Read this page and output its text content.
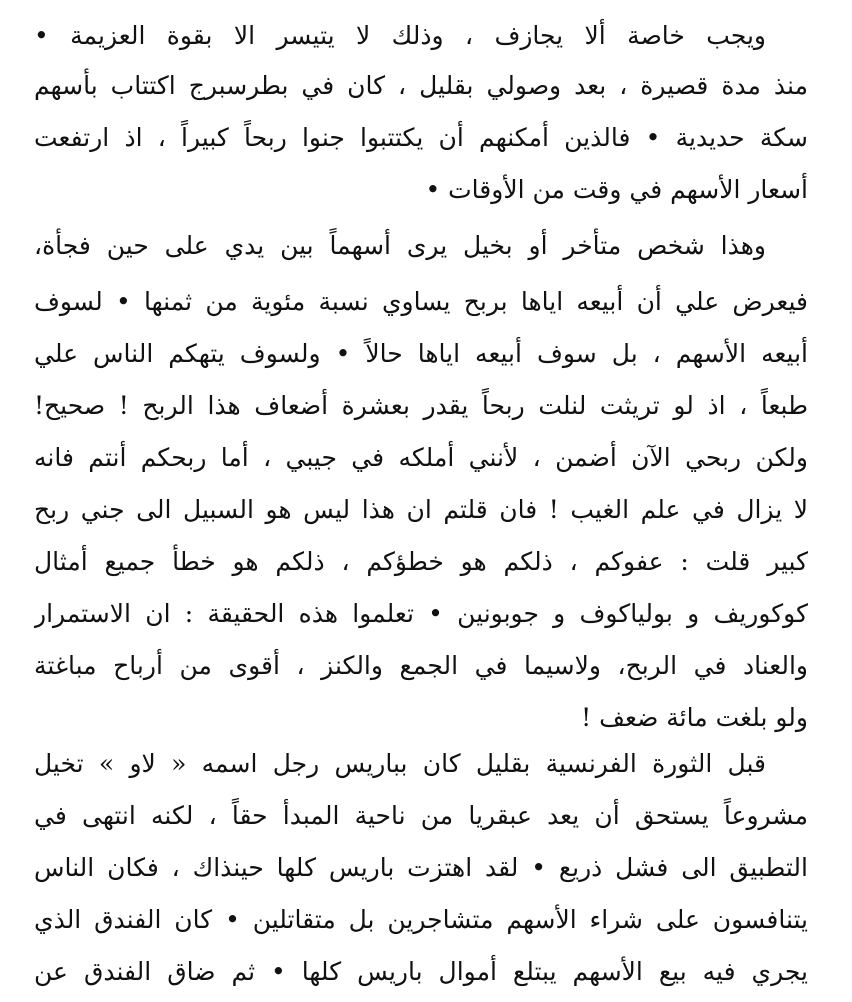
ويجب خاصة ألا يجازف ، وذلك لا يتيسر الا بقوة العزيمة •
منذ مدة قصيرة ، بعد وصولي بقليل ، كان في بطرسبرج اكتتاب بأسهم
سكة حديدية • فالذين أمكنهم أن يكتتبوا جنوا ربحاً كبيراً ، اذ ارتفعت
أسعار الأسهم في وقت من الأوقات •
وهذا شخص متأخر أو بخيل يرى أسهماً بين يدي على حين فجأة،
فيعرض علي أن أبيعه اياها بربح يساوي نسبة مئوية من ثمنها • لسوف
أبيعه الأسهم ، بل سوف أبيعه اياها حالاً • ولسوف يتهكم الناس علي
طبعاً ، اذ لو تريثت لنلت ربحاً يقدر بعشرة أضعاف هذا الربح ! صحيح!
ولكن ربحي الآن أضمن ، لأنني أملكه في جيبي ، أما ربحكم أنتم فانه
لا يزال في علم الغيب ! فان قلتم ان هذا ليس هو السبيل الى جني ربح
كبير قلت : عفوكم ، ذلكم هو خطؤكم ، ذلكم هو خطأ جميع أمثال
كوكوريف و بولياكوف و جوبونين • تعلموا هذه الحقيقة : ان الاستمرار
والعناد في الربح، ولاسيما في الجمع والكنز ، أقوى من أرباح مباغتة
ولو بلغت مائة ضعف !
قبل الثورة الفرنسية بقليل كان بباريس رجل اسمه « لاو » تخيل
مشروعاً يستحق أن يعد عبقريا من ناحية المبدأ حقاً ، لكنه انتهى في
التطبيق الى فشل ذريع • لقد اهتزت باريس كلها حينذاك ، فكان الناس
يتنافسون على شراء الأسهم متشاجرين بل متقاتلين • كان الفندق الذي
يجري فيه بيع الأسهم يبتلع أموال باريس كلها • ثم ضاق الفندق عن
